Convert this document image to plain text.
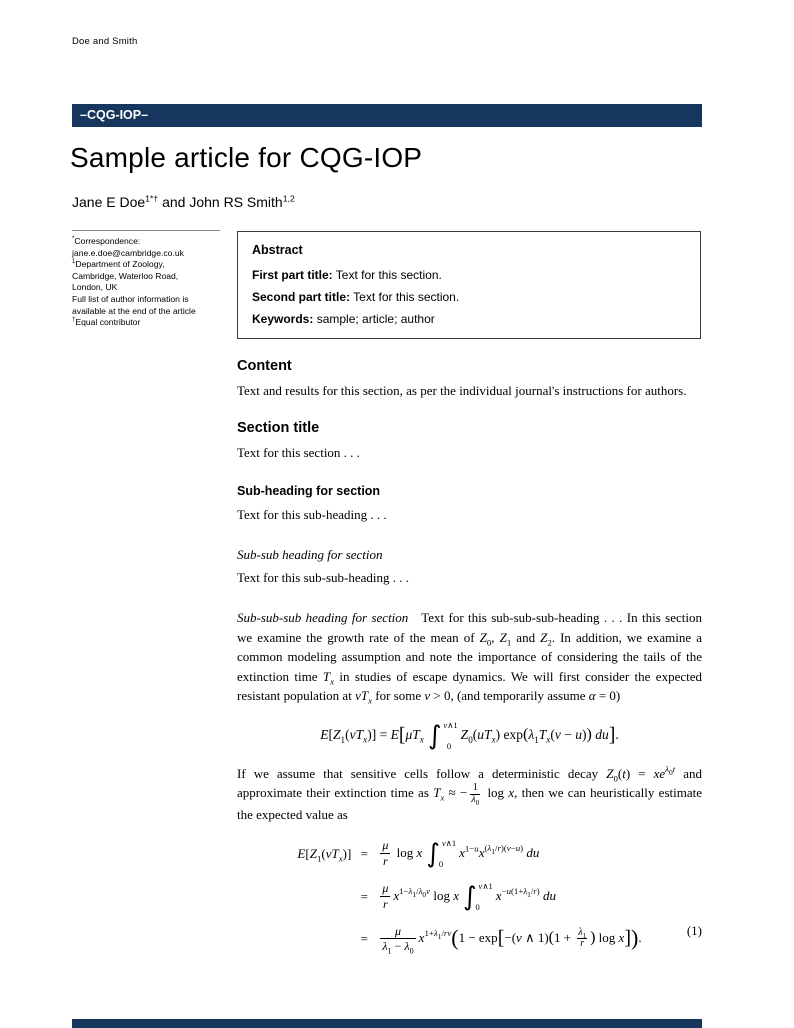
Doe and Smith
–CQG-IOP–
Sample article for CQG-IOP
Jane E Doe$^{1*\dagger}$ and John RS Smith$^{1,2}$
*Correspondence:
jane.e.doe@cambridge.co.uk
$^1$Department of Zoology,
Cambridge, Waterloo Road,
London, UK
Full list of author information is
available at the end of the article
†Equal contributor
Abstract

First part title: Text for this section.

Second part title: Text for this section.

Keywords: sample; article; author

Content

Text and results for this section, as per the individual journal's instructions for authors.

Section title

Text for this section . . .

Sub-heading for section

Text for this sub-heading . . .

Sub-sub heading for section

Text for this sub-sub-heading . . .

Sub-sub-sub heading for section   Text for this sub-sub-sub-heading . . . In this section we examine the growth rate of the mean of $Z_0$, $Z_1$ and $Z_2$. In addition, we examine a common modeling assumption and note the importance of considering the tails of the extinction time $T_x$ in studies of escape dynamics. We will first consider the expected resistant population at $vT_x$ for some v > 0, (and temporarily assume α = 0)

$E[Z_1(vT_x)] = E[\mu T_x$ ∫ v∧1
0
$Z_0(uT_x) \exp(\lambda_1T_x(v - u))$ du].

If we assume that sensitive cells follow a deterministic decay $Z_0(t) = xe^{\lambda_0t}$ and approximate their extinction time as $T_x$ ≈ − $\frac{1}{\lambda_0}$ log x, then we can heuristically estimate the expected value as

$E[Z_1(vT_x)]$ =	$\frac{\mu}{r}$ log x ∫ v∧1
0
$x^{1-u}x^{(\lambda_1/r)(v-u)}$ du
=	$\frac{\mu}{r} x^{1-\lambda_1/\lambda_0v}$ log x ∫ v∧1
0
$x^{-u(1+\lambda_1/r)}$ du
=	$\frac{\mu}{\lambda_1 - \lambda_0} x^{1+\lambda_1/rv}(1 - \exp[-(v$ ∧ $1)(1 + \frac{\lambda_1}{r}$ ) log x]).	(1)
